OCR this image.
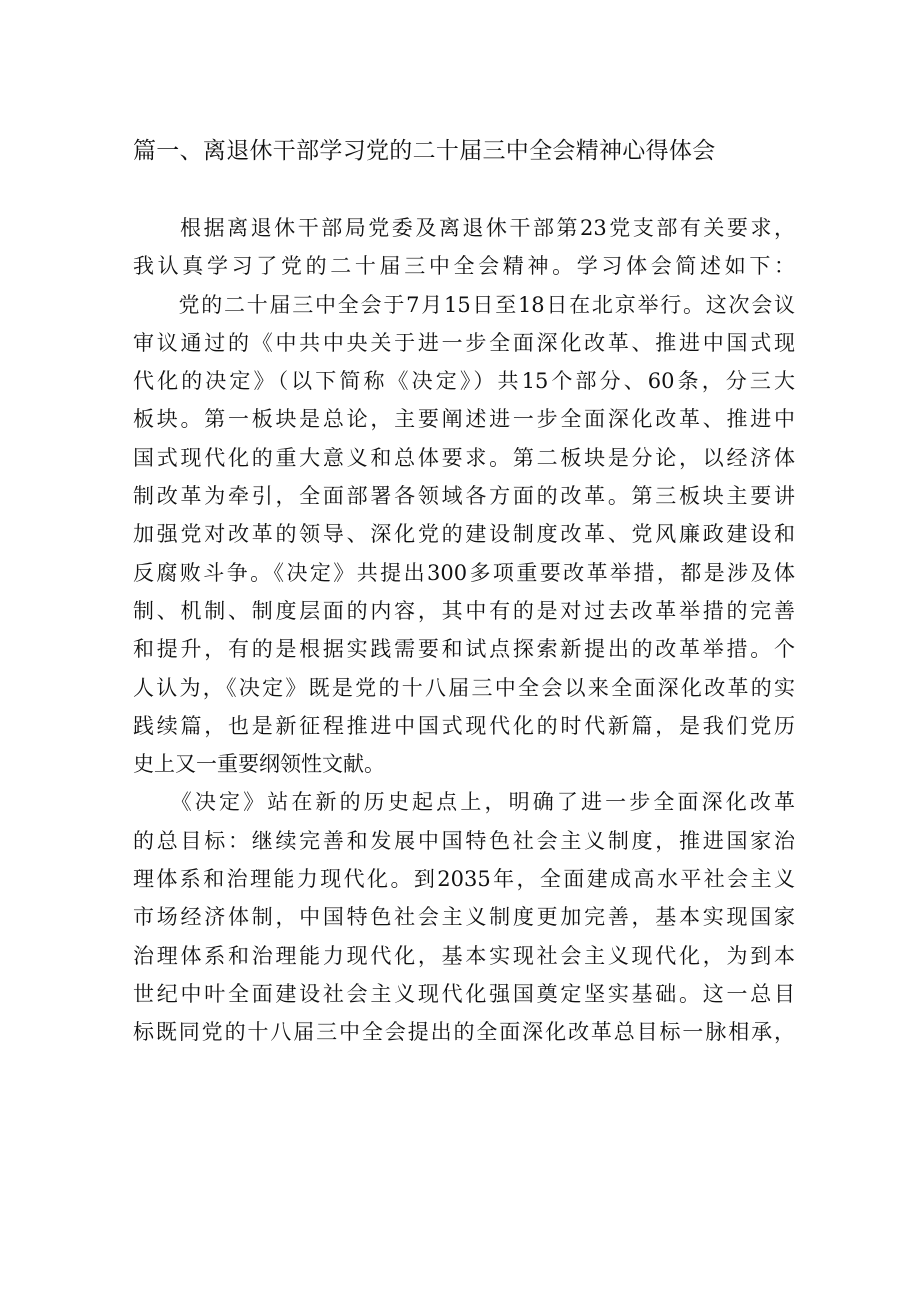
篇一、离退休干部学习党的二十届三中全会精神心得体会
　　根据离退休干部局党委及离退休干部第23党支部有关要求，
我认真学习了党的二十届三中全会精神。学习体会简述如下：
　　党的二十届三中全会于7月15日至18日在北京举行。这次会议
审议通过的《中共中央关于进一步全面深化改革、推进中国式现
代化的决定》（以下简称《决定》）共15个部分、60条，分三大
板块。第一板块是总论，主要阐述进一步全面深化改革、推进中
国式现代化的重大意义和总体要求。第二板块是分论，以经济体
制改革为牵引，全面部署各领域各方面的改革。第三板块主要讲
加强党对改革的领导、深化党的建设制度改革、党风廉政建设和
反腐败斗争。《决定》共提出300多项重要改革举措，都是涉及体
制、机制、制度层面的内容，其中有的是对过去改革举措的完善
和提升，有的是根据实践需要和试点探索新提出的改革举措。个
人认为，《决定》既是党的十八届三中全会以来全面深化改革的实
践续篇，也是新征程推进中国式现代化的时代新篇，是我们党历
史上又一重要纲领性文献。
　　《决定》站在新的历史起点上，明确了进一步全面深化改革
的总目标：继续完善和发展中国特色社会主义制度，推进国家治
理体系和治理能力现代化。到2035年，全面建成高水平社会主义
市场经济体制，中国特色社会主义制度更加完善，基本实现国家
治理体系和治理能力现代化，基本实现社会主义现代化，为到本
世纪中叶全面建设社会主义现代化强国奠定坚实基础。这一总目
标既同党的十八届三中全会提出的全面深化改革总目标一脉相承，
